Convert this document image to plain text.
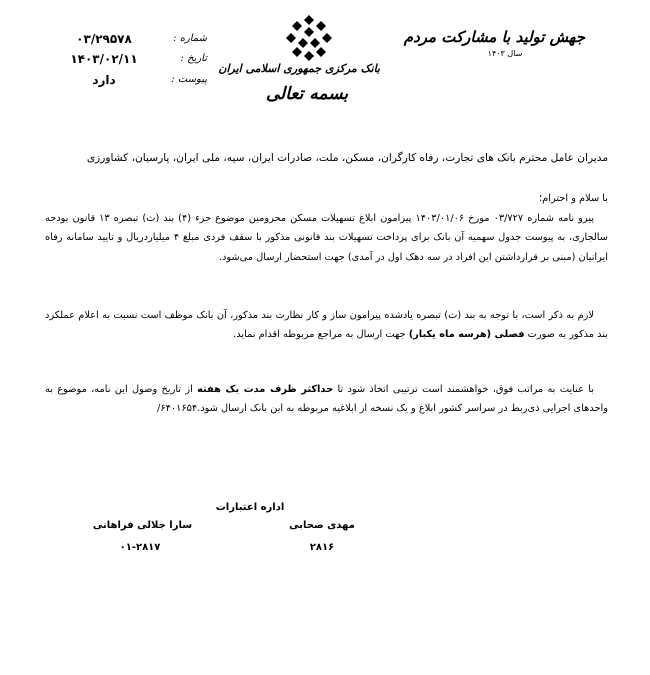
جهش تولید با مشارکت مردم
سال ۱۴۰۳
بانک مرکزی جمهوری اسلامی ایران
بسمه تعالی
شماره :
۰۳/۲۹۵۷۸
تاریخ :
۱۴۰۳/۰۲/۱۱
پیوست :
دارد
مدیران عامل محترم بانک های تجارت، رفاه کارگران، مسکن، ملت، صادرات ایران، سپه، ملی ایران، پارسیان، کشاورزی
با سلام و احترام؛
پیرو نامه شماره ۰۳/۷۲۷ مورخ ۱۴۰۳/۰۱/۰۶ پیرامون ابلاغ تسهیلات مسکن محرومین موضوع جزء (۴) بند (ث) تبصره ۱۳ قانون بودجه سالجاری، به پیوست جدول سهمیه آن بانک برای پرداخت تسهیلات بند قانونی مذکور با سقف فردی مبلغ ۴ میلیاردریال و تایید سامانه رفاه ایرانیان (مبنی بر قرارداشتن این افراد در سه دهک اول در آمدی) جهت استحضار ارسال می‌شود.
لازم به ذکر است، با توجه به بند (ث) تبصره یادشده پیرامون ساز و کار نظارت بند مذکور، آن بانک موظف است نسبت به اعلام عملکرد بند مذکور به صورت فصلی (هرسه ماه یکبار) جهت ارسال به مراجع مربوطه اقدام نماید.
با عنایت به مراتب فوق، خواهشمند است ترتیبی اتخاذ شود تا حداکثر ظرف مدت یک هفته از تاریخ وصول این نامه، موضوع به واحدهای اجرایی ذی‌ربط در سراسر کشور ابلاغ و یک نسخه از ابلاغیه مربوطه به این بانک ارسال شود.۶۴۰۱۶۵۴/
اداره اعتبارات
سارا جلالی فراهانی
۰۱-۲۸۱۷
مهدی صحابی
۲۸۱۶
